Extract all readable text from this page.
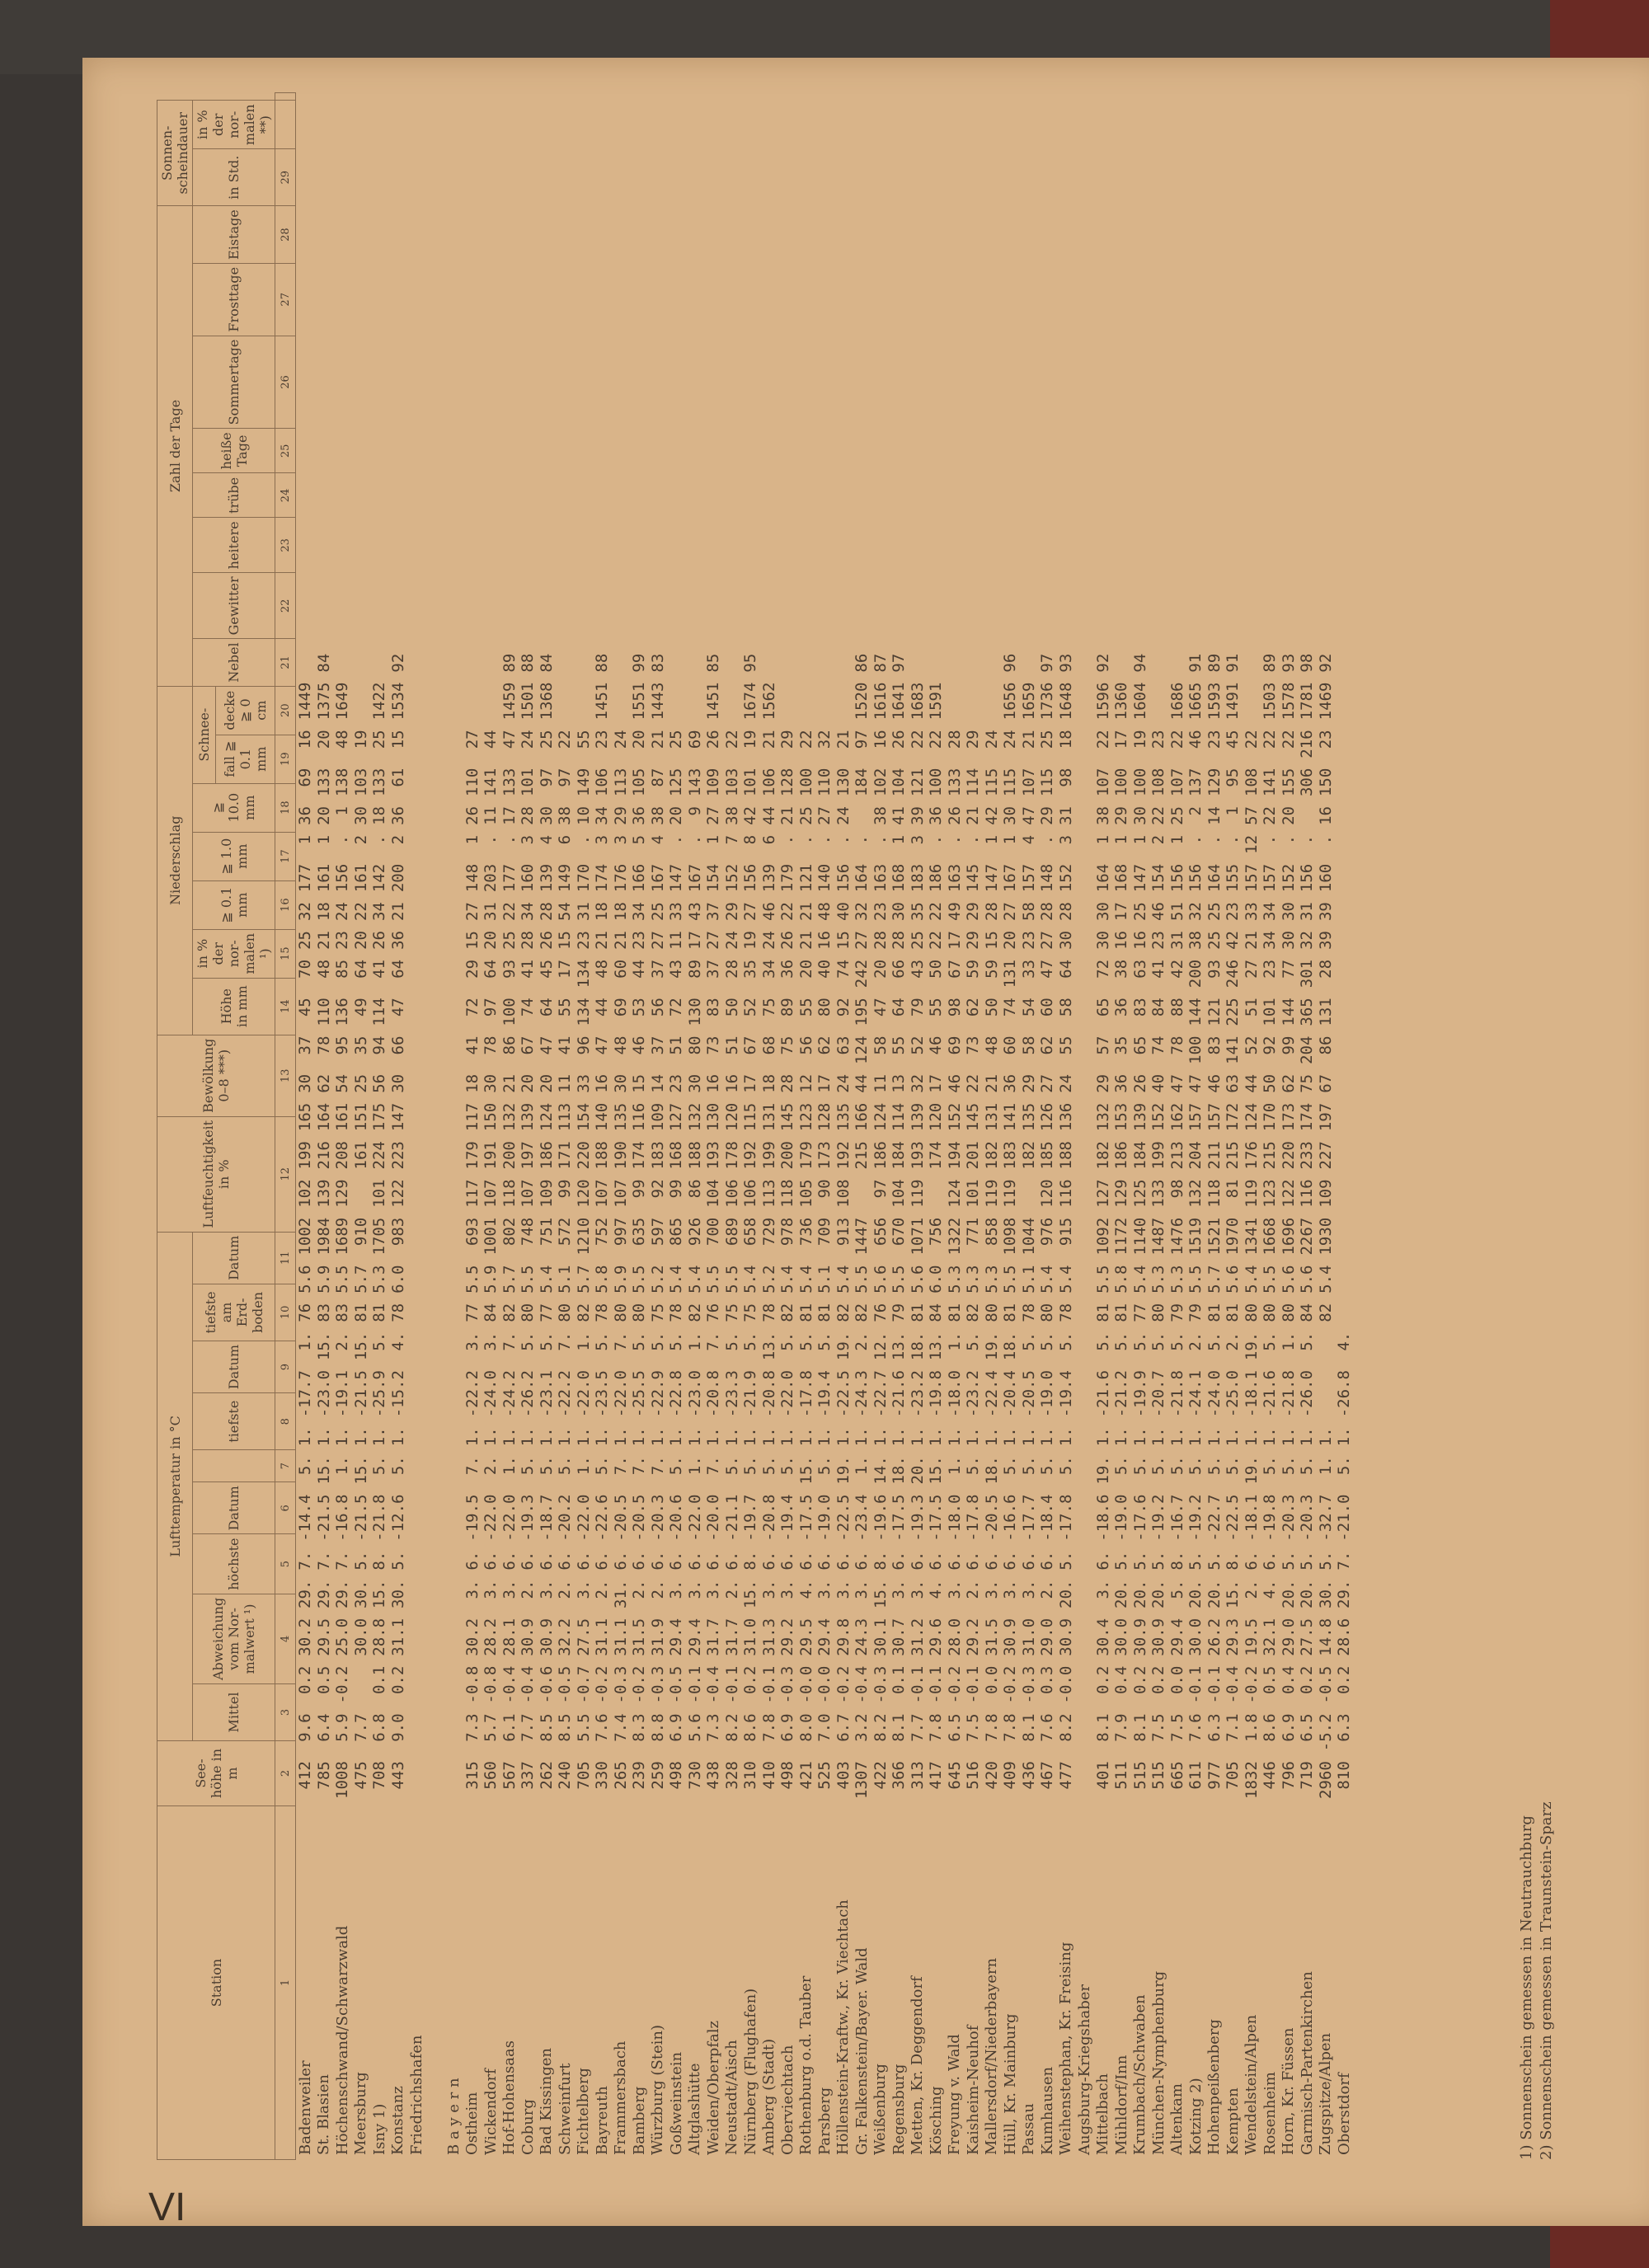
VI
Station	See-höhe in m	Lufttemperatur in °C									Luftfeuchtigkeit in %	Bewölkung 0–8 ***)	Niederschlag							Zahl der Tage								Sonnen-scheindauer		
		Mittel	Abweichung vom Nor-malwert ¹)	höchste	Datum		tiefste	Datum	tiefste am Erd-boden	Datum			Höhe in mm	in % der nor-malen ¹)	≧ 0.1 mm	≧ 1.0 mm	≧ 10.0 mm	Schnee-		Nebel	Gewitter	heitere	trübe	heiße Tage	Sommertage	Frosttage	Eistage	in Std.	in % der nor-malen **)	
																		fall ≧ 0.1 mm	decke ≧ 0 cm											
1	2	3	4	5	6	7	8	9	10	11	12	13	14	15	16	17	18	19	20	21	22	23	24	25	26	27	28	29		
Badenweiler	412	9.6	0.2	30.2	29.	7.	-14.4	5.	1.	-17.7	1.	76	5.6	1002	102	199	165	30	37	45	70	25	32	177	1	36	69	16	1449	
St. Blasien	785	6.4	0.5	29.5	29.	7.	-21.5	15.	1.	-23.0	15.	83	5.9	1984	139	216	164	62	78	110	48	21	18	161	1	20	133	20	1375	84
Höchenschwand/Schwarzwald	1008	5.9	-0.2	25.0	29.	7.	-16.8	1.	1.	-19.1	2.	83	5.5	1689	129	208	161	54	95	136	85	23	24	156	.	1	138	48	1649	
Meersburg	475	7.7		30.0	30.	5.	-21.5	15.	1.	-21.5	15.	81	5.7	910		161	151	25	35	49	64	20	22	161	2	30	103	19		
Isny 1)	708	6.8	0.1	28.8	15.	8.	-21.8	5.	1.	-25.9	5.	81	5.3	1705	101	224	175	56	94	114	41	26	34	142	.	18	133	25	1422	
Konstanz	443	9.0	0.2	31.1	30.	5.	-12.6	5.	1.	-15.2	4.	78	6.0	983	122	223	147	30	66	47	64	36	21	200	2	36	61	15	1534	92
Friedrichshafen																														

B a y e r n																														
Ostheim	315	7.3	-0.8	30.2	3.	6.	-19.5	7.	1.	-22.2	3.	77	5.5	693	117	179	117	18	41	72	29	15	27	148	1	26	110	27		
Wickendorf	560	5.7	-0.8	28.2	3.	6.	-22.0	2.	1.	-24.0	3.	84	5.9	1001	107	191	150	30	78	97	64	20	31	203	.	11	141	44		
Hof-Hohensaas	567	6.1	-0.4	28.1	3.	6.	-22.0	1.	1.	-24.2	7.	82	5.7	802	118	200	132	21	86	100	93	25	22	177	.	17	133	47	1459	89
Coburg	337	7.7	-0.4	30.9	2.	6.	-19.3	5.	1.	-26.2	5.	80	5.5	748	107	197	139	20	67	74	41	28	34	160	3	28	101	24	1501	88
Bad Kissingen	262	8.5	-0.6	30.9	3.	6.	-18.7	5.	1.	-23.1	5.	77	5.4	751	109	186	124	20	47	64	45	26	28	139	4	30	97	25	1368	84
Schweinfurt	240	8.5	-0.5	32.2	2.	6.	-20.2	5.	1.	-22.2	7.	80	5.1	572	99	171	113	11	41	55	17	15	54	149	6	38	97	22		
Fichtelberg	705	5.5	-0.7	27.5	3.	6.	-22.0	1.	1.	-22.0	1.	82	5.7	1210	120	220	154	33	96	134	134	23	31	170	.	10	149	55		
Bayreuth	330	7.6	-0.2	31.1	2.	6.	-22.6	5.	1.	-23.5	5.	78	5.8	752	107	188	140	16	47	44	48	21	18	174	3	34	106	23	1451	88
Frammersbach	265	7.4	-0.3	31.1	31.	6.	-20.5	7.	1.	-22.0	7.	80	5.9	997	107	190	135	30	48	69	60	21	18	176	3	29	113	24		
Bamberg	239	8.3	-0.2	31.5	2.	6.	-20.5	7.	1.	-25.5	5.	80	5.5	635	99	174	116	15	46	53	44	23	34	166	5	36	105	20	1551	99
Würzburg (Stein)	259	8.8	-0.3	31.9	2.	6.	-20.3	7.	1.	-22.9	5.	75	5.2	597	92	183	109	14	37	56	37	27	25	167	4	38	87	21	1443	83
Goßweinstein	498	6.9	-0.5	29.4	3.	6.	-20.6	5.	1.	-22.8	5.	78	5.4	865	99	168	127	23	51	72	43	11	33	147	.	20	125	25		
Altglashütte	730	5.6	-0.1	29.4	3.	6.	-22.0	1.	1.	-23.0	1.	82	5.4	926	86	188	132	30	80	130	89	17	43	167	.	9	143	69		
Weiden/Oberpfalz	438	7.3	-0.4	31.7	3.	6.	-20.0	7.	1.	-20.8	7.	76	5.5	700	104	193	130	16	73	83	37	27	37	154	1	27	109	26	1451	85
Neustadt/Aisch	328	8.2	-0.1	31.7	2.	6.	-21.1	5.	1.	-23.3	5.	75	5.5	689	106	178	120	16	51	50	28	24	29	152	7	38	103	22		
Nürnberg (Flughafen)	310	8.6	0.2	31.0	15.	8.	-19.7	5.	1.	-21.9	5.	75	5.4	658	106	192	115	17	67	52	35	19	27	156	8	42	101	19	1674	95
Amberg (Stadt)	410	7.8	-0.1	31.3	3.	6.	-20.8	5.	1.	-20.8	13.	78	5.2	729	113	199	131	18	68	75	34	24	46	139	6	44	106	21	1562	
Oberviechtach	498	6.9	-0.3	29.2	3.	6.	-19.4	5.	1.	-22.0	5.	82	5.4	978	118	200	145	28	75	89	36	26	22	179	.	21	128	29		
Rothenburg o.d. Tauber	421	8.0	-0.0	29.5	4.	6.	-17.5	15.	1.	-17.8	5.	81	5.4	736	105	179	123	12	56	55	20	21	21	121	.	25	100	22		
Parsberg	525	7.0	-0.0	29.4	3.	6.	-19.0	5.	1.	-19.4	5.	81	5.1	709	90	173	128	17	62	80	40	16	48	140	.	27	110	32		
Höllenstein-Kraftw., Kr. Viechtach	403	6.7	-0.2	29.8	3.	6.	-22.5	19.	1.	-22.5	19.	82	5.4	913	108	192	135	24	63	92	74	15	40	156	.	24	130	21		
Gr. Falkenstein/Bayer. Wald	1307	3.2	-0.4	24.3	3.	6.	-23.4	1.	1.	-24.3	2.	82	5.5	1447		215	166	44	124	195	242	27	32	164	.		184	97	1520	86
Weißenburg	422	8.2	-0.3	30.1	15.	8.	-19.6	14.	1.	-22.7	12.	76	5.6	656	97	186	124	11	58	47	20	28	23	163	.	38	102	16	1616	87
Regensburg	366	8.1	0.1	30.7	3.	6.	-17.5	18.	1.	-21.6	13.	79	5.5	670	104	184	114	13	55	64	66	28	30	168	1	41	104	26	1641	97
Metten, Kr. Deggendorf	313	7.7	-0.1	31.2	3.	6.	-19.3	20.	1.	-23.2	18.	81	5.6	1071	119	193	139	32	52	79	43	25	35	183	3	39	121	22	1683	
Kösching	417	7.8	-0.1	29.6	4.	6.	-17.5	15.	1.	-19.8	13.	84	6.0	756		174	120	17	46	55	50	22	22	186	.	36	100	22	1591	
Freyung v. Wald	645	6.5	-0.2	28.0	3.	6.	-18.0	1.	1.	-18.0	1.	81	5.3	1322	124	194	152	46	69	98	67	17	49	163	.	26	133	28		
Kaisheim-Neuhof	516	7.5	-0.1	29.2	2.	6.	-17.8	5.	1.	-23.2	5.	82	5.3	771	101	201	145	22	73	62	59	29	29	145	.	21	114	29		
Mallersdorf/Niederbayern	420	7.8	0.0	31.5	3.	6.	-20.5	18.	1.	-22.4	19.	80	5.3	858	119	182	131	21	48	50	59	15	28	147	1	42	115	24		
Hüll, Kr. Mainburg	409	7.8	-0.2	30.9	3.	6.	-16.6	5.	1.	-20.4	18.	81	5.5	1098	119	183	141	36	60	74	131	20	27	167	1	30	115	24	1656	96
Passau	436	8.1	-0.3	31.0	3.	6.	-17.7	5.	1.	-20.5	5.	78	5.1	1044		182	135	29	58	54	33	23	58	157	4	47	107	21	1659	
Kumhausen	467	7.6	0.3	29.0	2.	6.	-18.4	5.	1.	-19.0	5.	80	5.4	976	120	185	126	27	62	60	47	27	28	148	.	29	115	25	1736	97
Weihenstephan, Kr. Freising	477	8.2	-0.0	30.9	20.	5.	-17.8	5.	1.	-19.4	5.	78	5.4	915	116	188	136	24	55	58	64	30	28	152	3	31	98	18	1648	93
Augsburg-Kriegshaber																														
Mittelbach	401	8.1	0.2	30.4	3.	6.	-18.6	19.	1.	-21.6	5.	81	5.5	1092	127	182	132	29	57	65	72	30	30	164	1	38	107	22	1596	92
Mühldorf/Inn	511	7.9	0.4	30.0	20.	5.	-19.0	5.	1.	-21.2	5.	81	5.8	1172	129	186	153	36	35	36	38	16	17	168	1	29	100	17	1360	
Krumbach/Schwaben	515	8.1	0.2	30.9	20.	5.	-17.6	5.	1.	-19.9	5.	77	5.4	1140	125	184	139	26	65	83	63	16	25	147	1	30	100	19	1604	94
München-Nymphenburg	515	7.5	0.2	30.9	20.	5.	-19.2	5.	1.	-20.7	5.	80	5.3	1487	133	199	152	40	74	84	41	23	46	154	2	22	108	23		
Altenkam	665	7.5	0.0	29.4	5.	8.	-16.7	5.	1.	-21.8	5.	79	5.3	1476	98	213	162	47	78	88	42	31	51	156	1	25	107	22	1686	
Kotzing 2)	611	7.6	-0.1	30.0	20.	5.	-19.2	5.	1.	-24.1	2.	79	5.5	1519	132	204	157	47	100	144	200	38	32	156	.	2	137	46	1665	91
Hohenpeißenberg	977	6.3	-0.1	26.2	20.	5.	-22.7	5.	1.	-24.0	5.	81	5.7	1521	118	211	157	46	83	121	93	25	25	164	.	14	129	23	1593	89
Kempten	705	7.1	-0.4	29.3	15.	8.	-22.5	5.	1.	-25.0	2.	81	5.6	1970	81	215	172	63	141	225	246	42	23	155	.	1	95	45	1491	91
Wendelstein/Alpen	1832	1.8	-0.2	19.5	2.	6.	-18.1	19.	1.	-18.1	19.	80	5.4	1341	119	176	124	44	52	51	27	21	33	157	12	57	108	22		
Rosenheim	446	8.6	0.5	32.1	4.	6.	-19.8	5.	1.	-21.6	5.	80	5.5	1668	123	215	170	50	92	101	23	34	34	157	.	22	141	22	1503	89
Horn, Kr. Füssen	796	6.9	0.4	29.0	20.	5.	-20.3	5.	1.	-21.8	1.	80	5.6	1696	122	220	173	62	99	144	77	30	30	152	.	20	155	22	1578	93
Garmisch-Partenkirchen	719	6.5	0.2	27.5	20.	5.	-20.3	5.	1.	-26.0	5.	84	5.6	2267	116	233	174	75	204	365	301	32	31	156	.		306	216	1781	98
Zugspitze/Alpen	2960	-5.2	-0.5	14.8	30.	5.	-32.7	1.	1.			82	5.4	1930	109	227	197	67	86	131	28	39	39	160	.	16	150	23	1469	92
Oberstdorf	810	6.3	0.2	28.6	29.	7.	-21.0	5.	1.	-26.8	4.																			
1) Sonnenschein gemessen in Neutrauchburg 2) Sonnenschein gemessen in Traunstein-Sparz
